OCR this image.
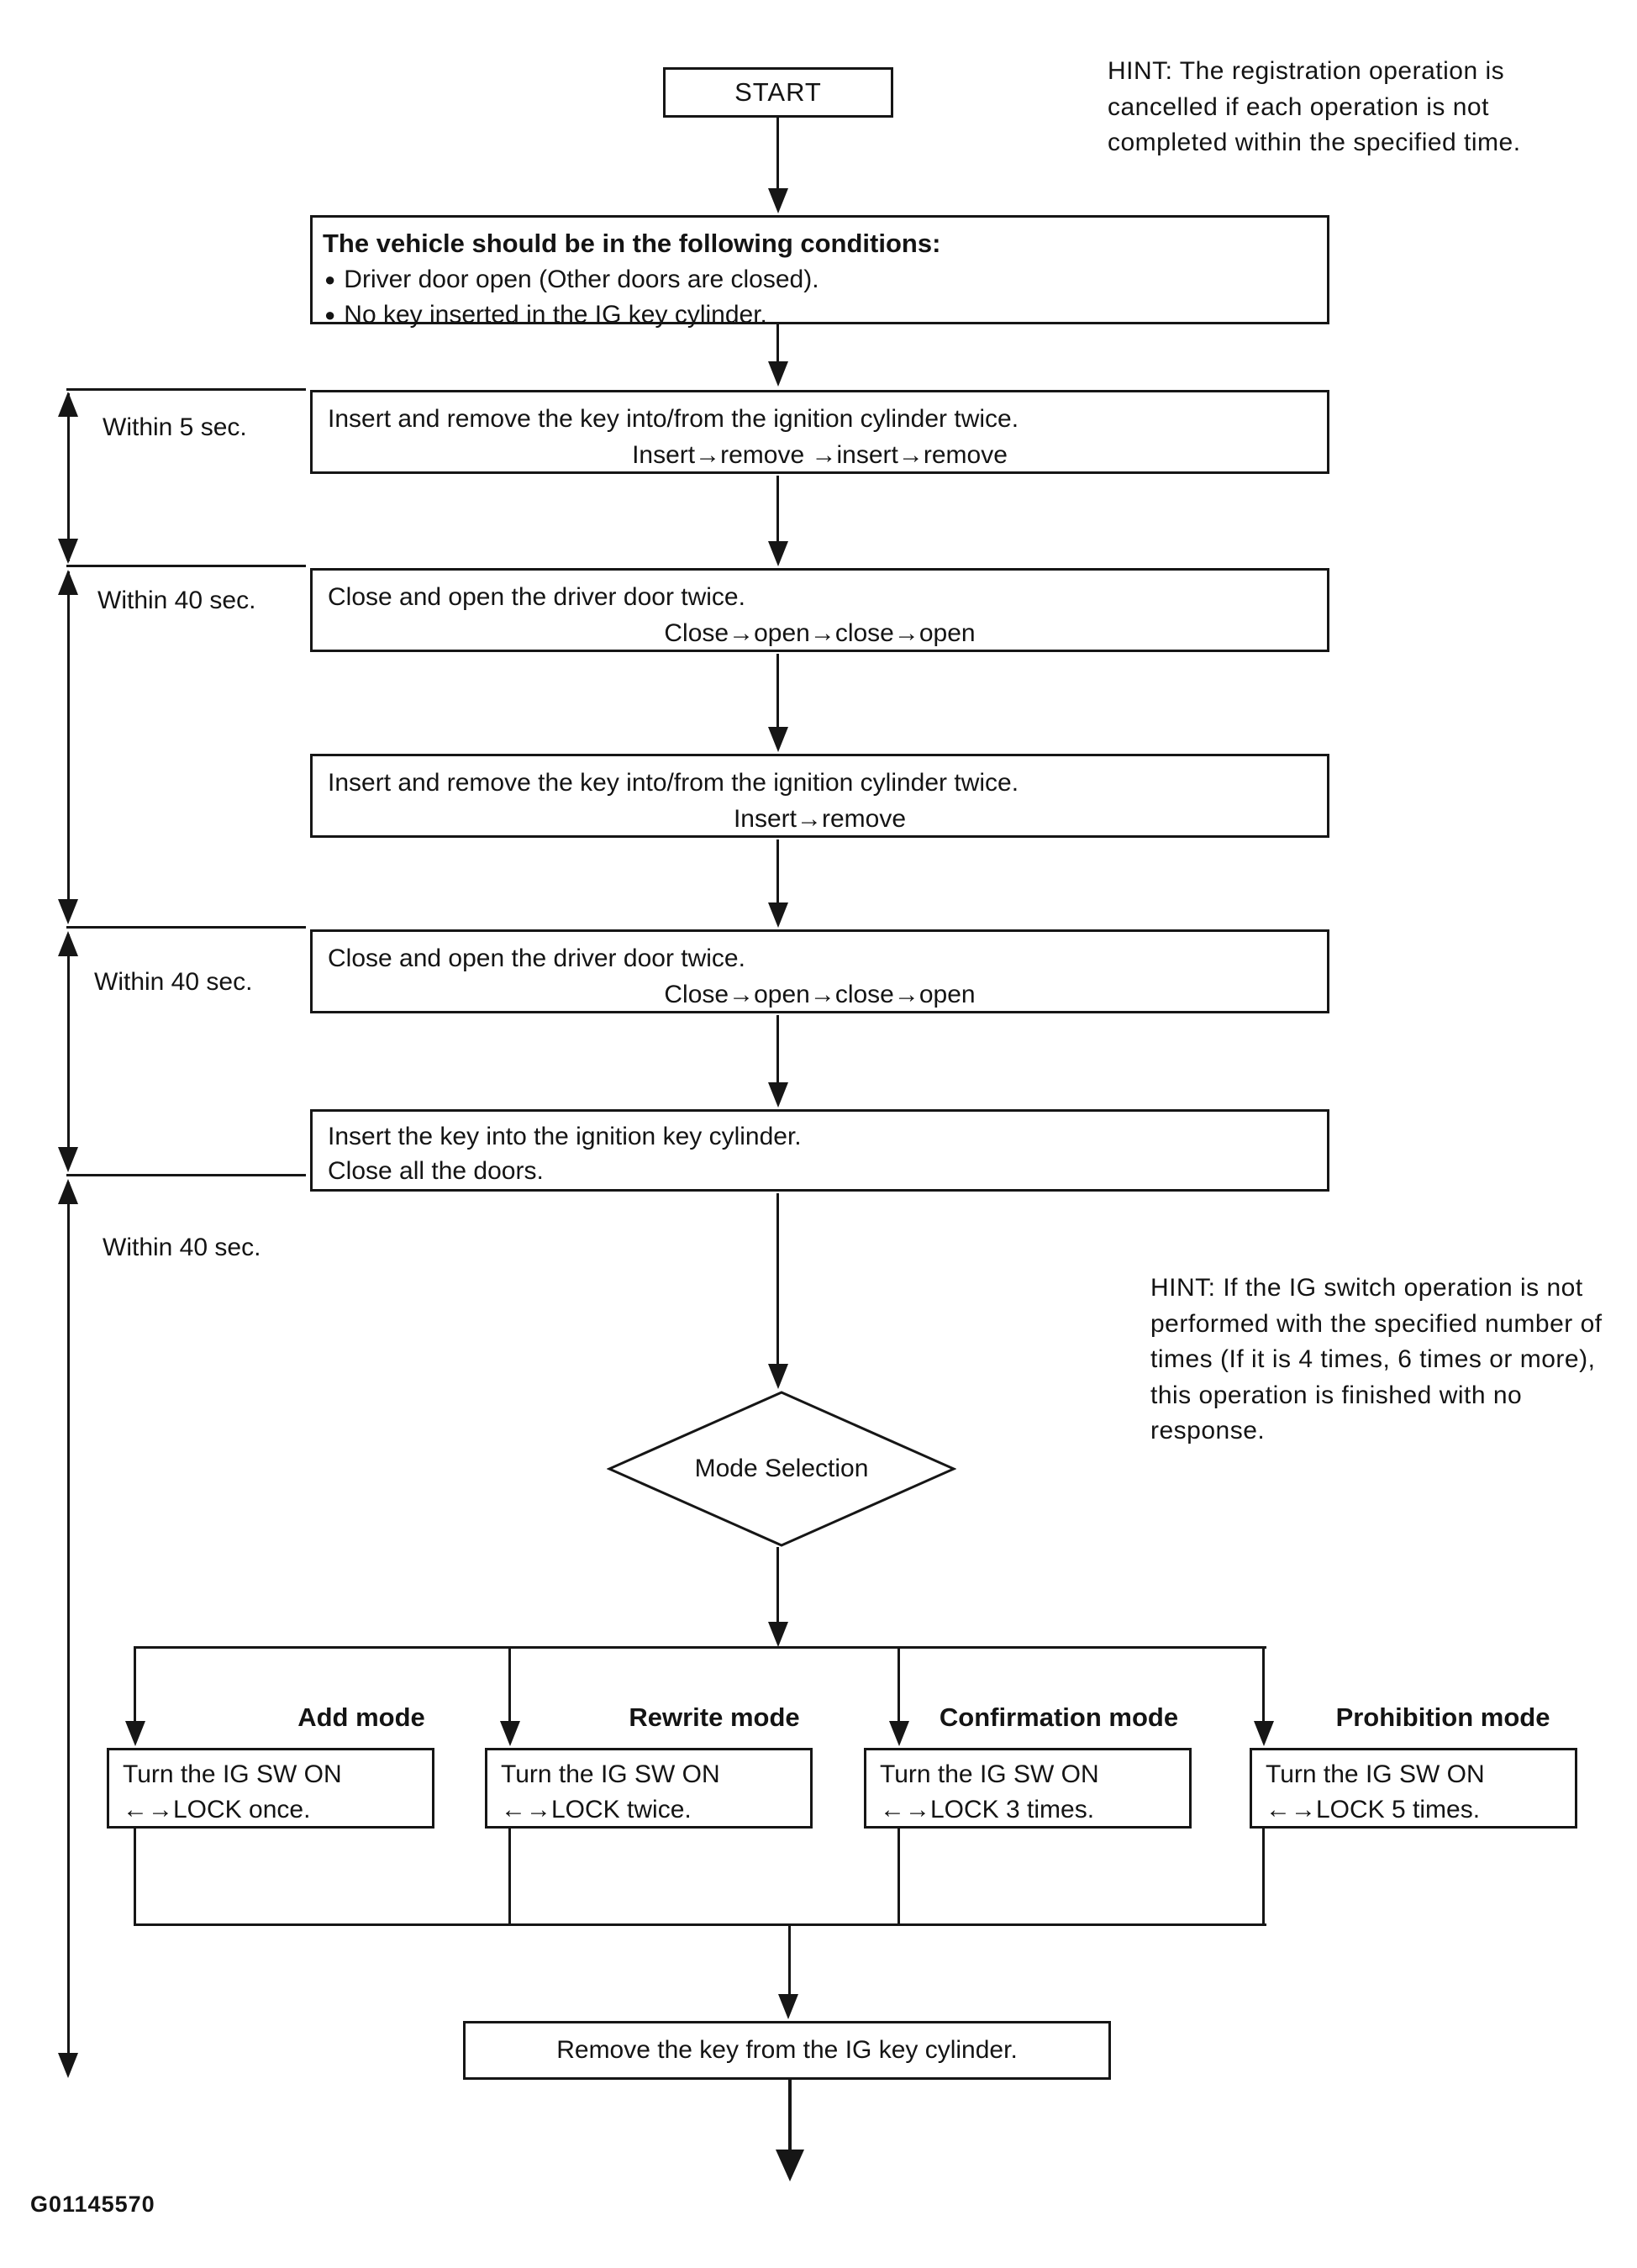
START
HINT: The registration operation is cancelled if each operation is not completed within the specified time.
The vehicle should be in the following conditions:
● Driver door open (Other doors are closed).
● No key inserted in the IG key cylinder.
Within 5 sec.
Within 40 sec.
Within 40 sec.
Within 40 sec.
Insert and remove the key into/from the ignition cylinder twice.
Insert→remove →insert→remove
Close and open the driver door twice.
Close→open→close→open
Insert and remove the key into/from the ignition cylinder twice.
Insert→remove
Close and open the driver door twice.
Close→open→close→open
Insert the key into the ignition key cylinder.
Close all the doors.
HINT: If the IG switch operation is not performed with the specified number of times (If it is 4 times, 6 times or more), this operation is finished with no response.
Mode Selection
Add mode	Rewrite mode	Confirmation mode	Prohibition mode
Turn the IG SW ON
←→LOCK once.
Turn the IG SW ON
←→LOCK twice.
Turn the IG SW ON
←→LOCK 3 times.
Turn the IG SW ON
←→LOCK 5 times.
Remove the key from the IG key cylinder.
G01145570
